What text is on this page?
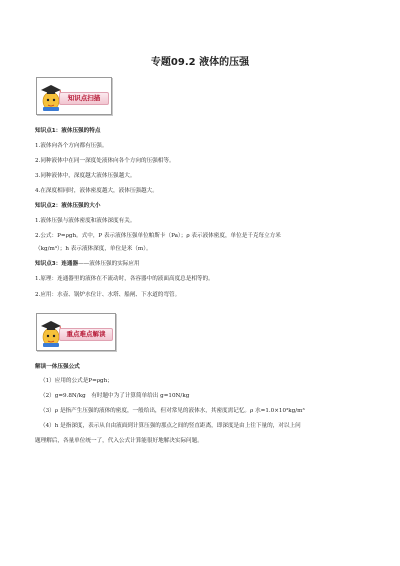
专题09.2 液体的压强
知识点扫描
知识点1：液体压强的特点
1.液体向各个方向都有压强。
2.同种液体中在同一深度处液体向各个方向的压强相等。
3.同种液体中，深度越大液体压强越大。
4.在深度相同时，液体密度越大，液体压强越大。
知识点2：液体压强的大小
1.液体压强与液体密度和液体深度有关。
2.公式：P=ρgh。式中，P 表示液体压强单位帕斯卡（Pa）；ρ 表示液体密度，单位是千克每立方米
（kg/m³）；h 表示液体深度，单位是米（m）。
知识点3：连通器——液体压强的实际应用
1.原理：连通器里的液体在不流动时，各容器中的液面高度总是相等的。
2.应用：水壶、锅炉水位计、水塔、船闸、下水道的弯管。
重点难点解读
解读一体压强公式
（1）应用的公式是P=ρgh；
（2）g=9.8N/kg　有时题中为了计算简单给出 g=10N/kg
（3）ρ 是指产生压强的液体的密度，一般给出，但对常见的液体水，其密度需记忆。ρ 水=1.0×10³kg/m³
（4）h 是指深度，表示从自由液面到计算压强的那点之间的竖直距离，即深度是由上往下量的，对以上问
题理解后，各量单位统一了，代入公式计算能很好地解决实际问题。
